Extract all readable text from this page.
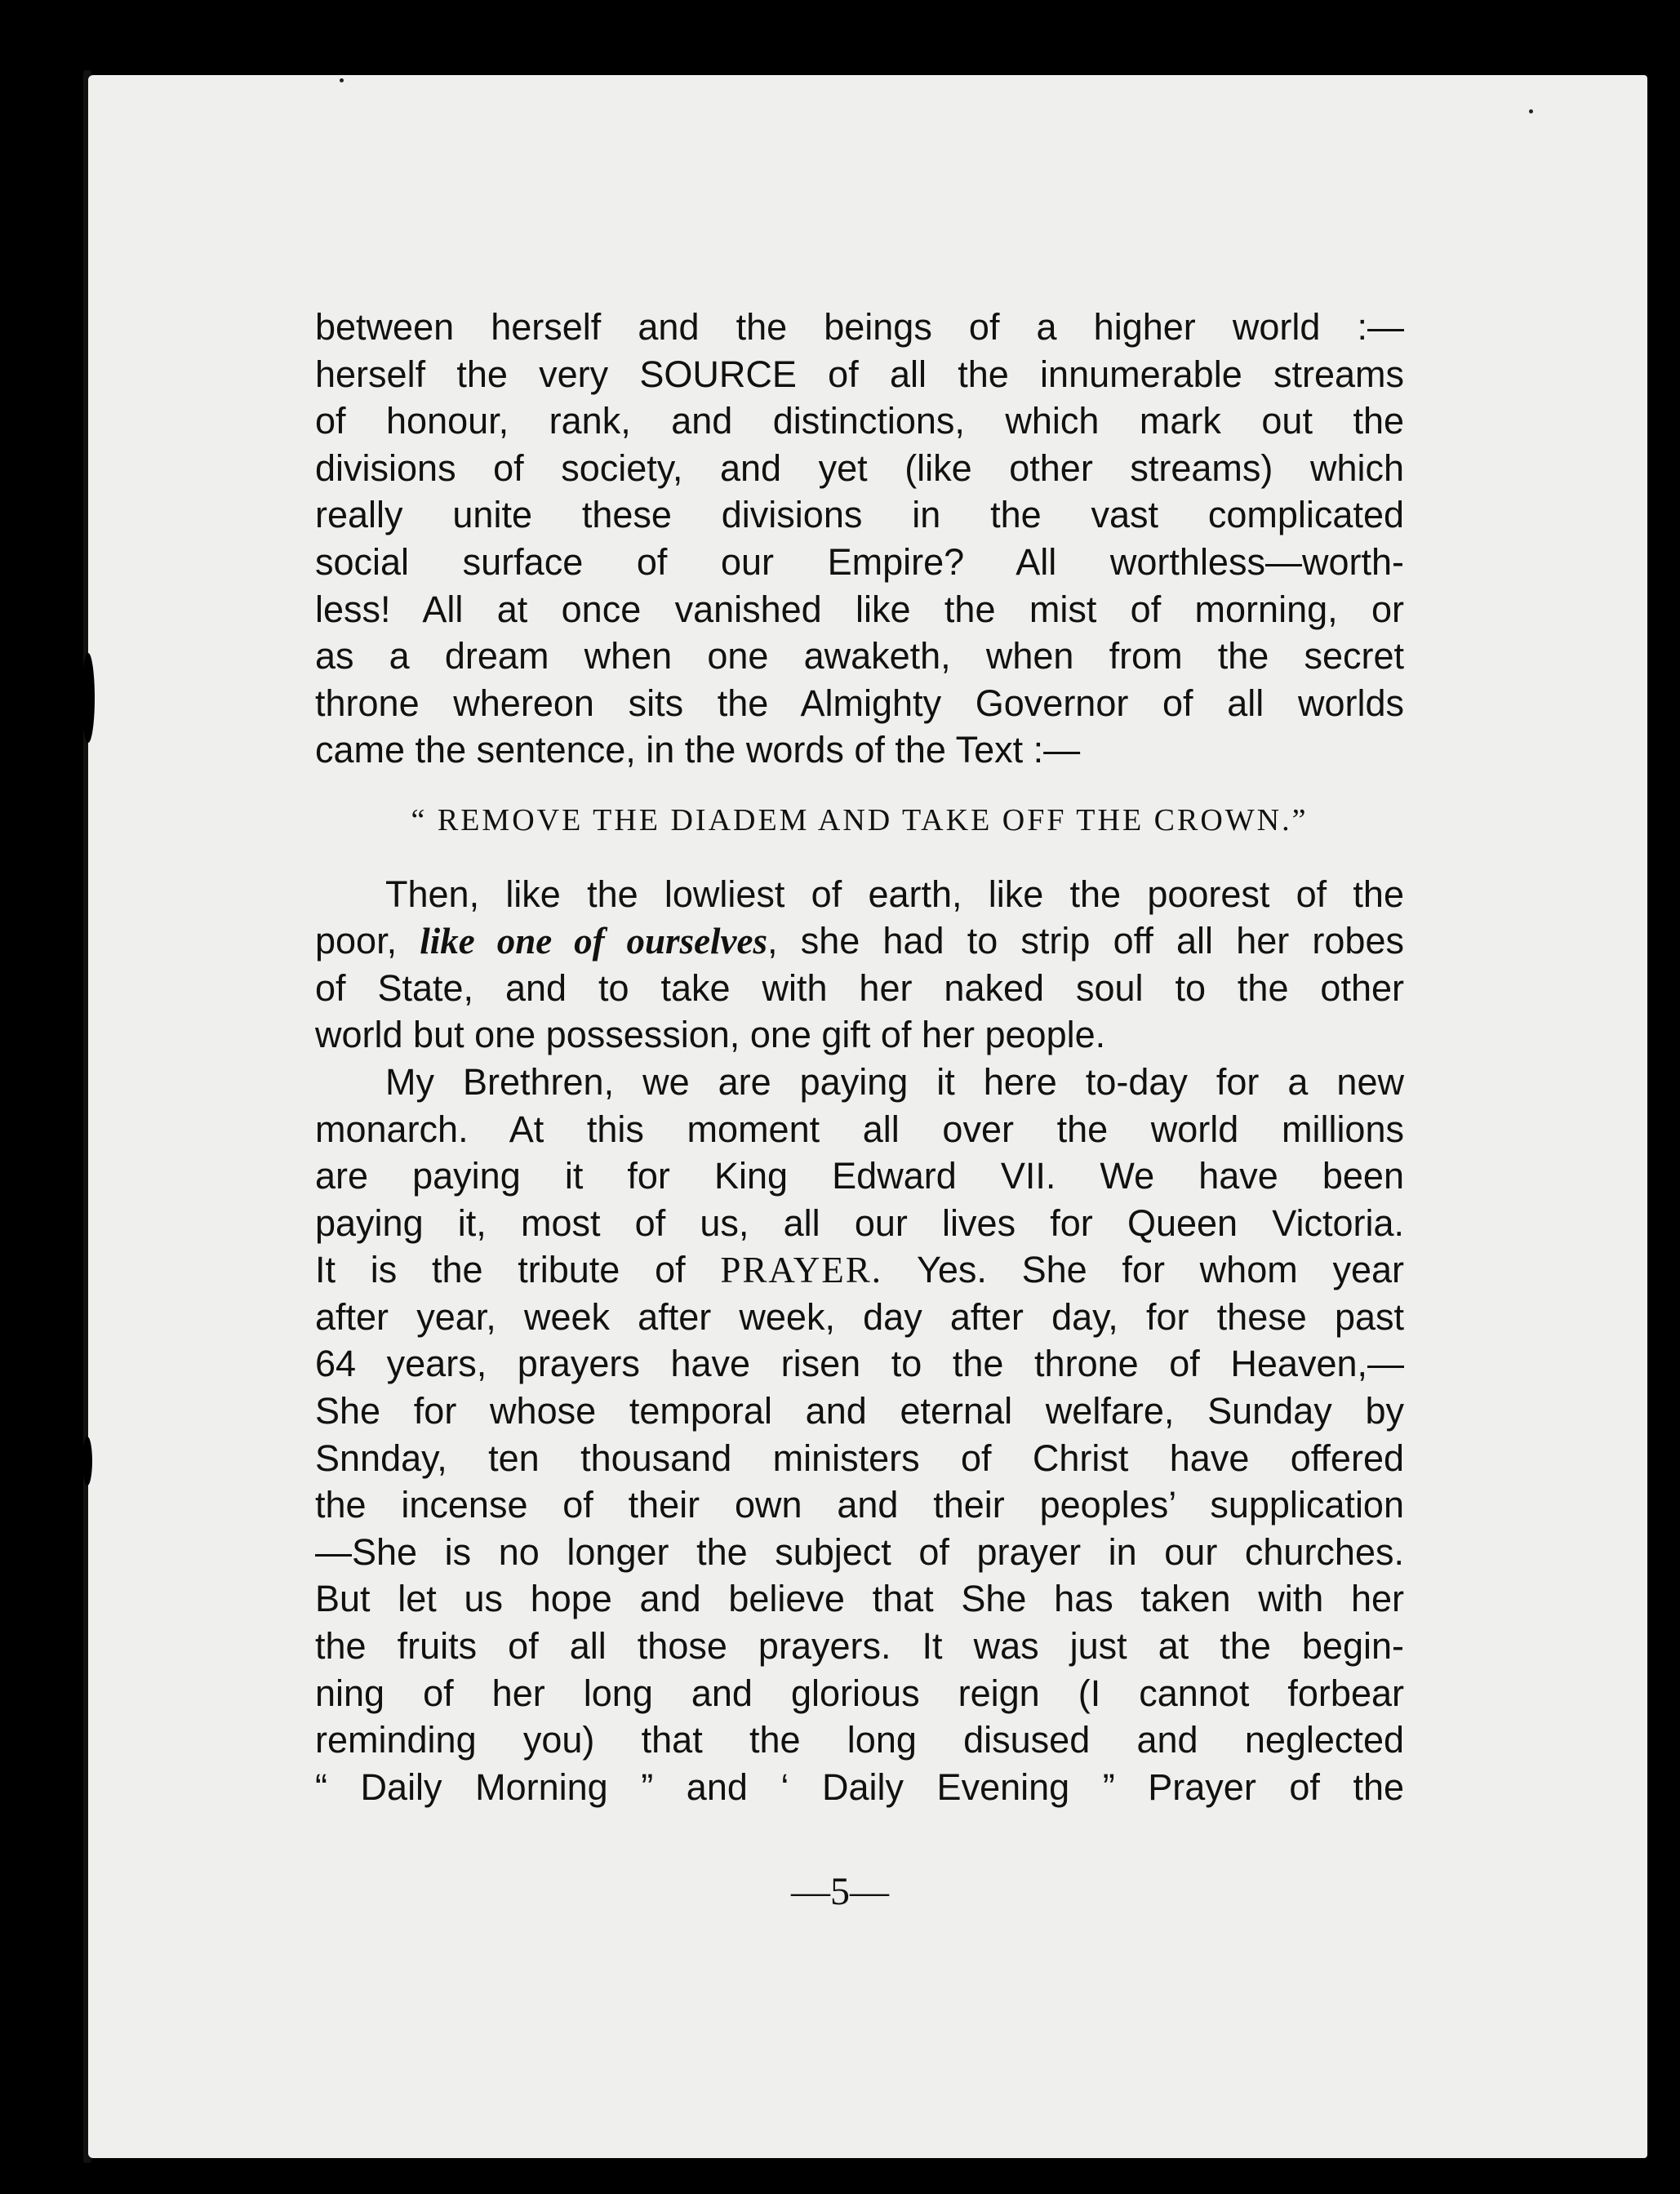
between herself and the beings of a higher world :—
herself the very SOURCE of all the innumerable streams
of honour, rank, and distinctions, which mark out the
divisions of society, and yet (like other streams) which
really unite these divisions in the vast complicated
social surface of our Empire? All worthless—worth-
less! All at once vanished like the mist of morning, or
as a dream when one awaketh, when from the secret
throne whereon sits the Almighty Governor of all worlds
came the sentence, in the words of the Text :—
“ REMOVE THE DIADEM AND TAKE OFF THE CROWN.”
Then, like the lowliest of earth, like the poorest of the
poor, like one of ourselves, she had to strip off all her robes
of State, and to take with her naked soul to the other
world but one possession, one gift of her people.
My Brethren, we are paying it here to-day for a new
monarch. At this moment all over the world millions
are paying it for King Edward VII. We have been
paying it, most of us, all our lives for Queen Victoria.
It is the tribute of PRAYER. Yes. She for whom year
after year, week after week, day after day, for these past
64 years, prayers have risen to the throne of Heaven,—
She for whose temporal and eternal welfare, Sunday by
Snnday, ten thousand ministers of Christ have offered
the incense of their own and their peoples’ supplication
—She is no longer the subject of prayer in our churches.
But let us hope and believe that She has taken with her
the fruits of all those prayers. It was just at the begin-
ning of her long and glorious reign (I cannot forbear
reminding you) that the long disused and neglected
“ Daily Morning ” and ‘ Daily Evening ” Prayer of the
—5—
